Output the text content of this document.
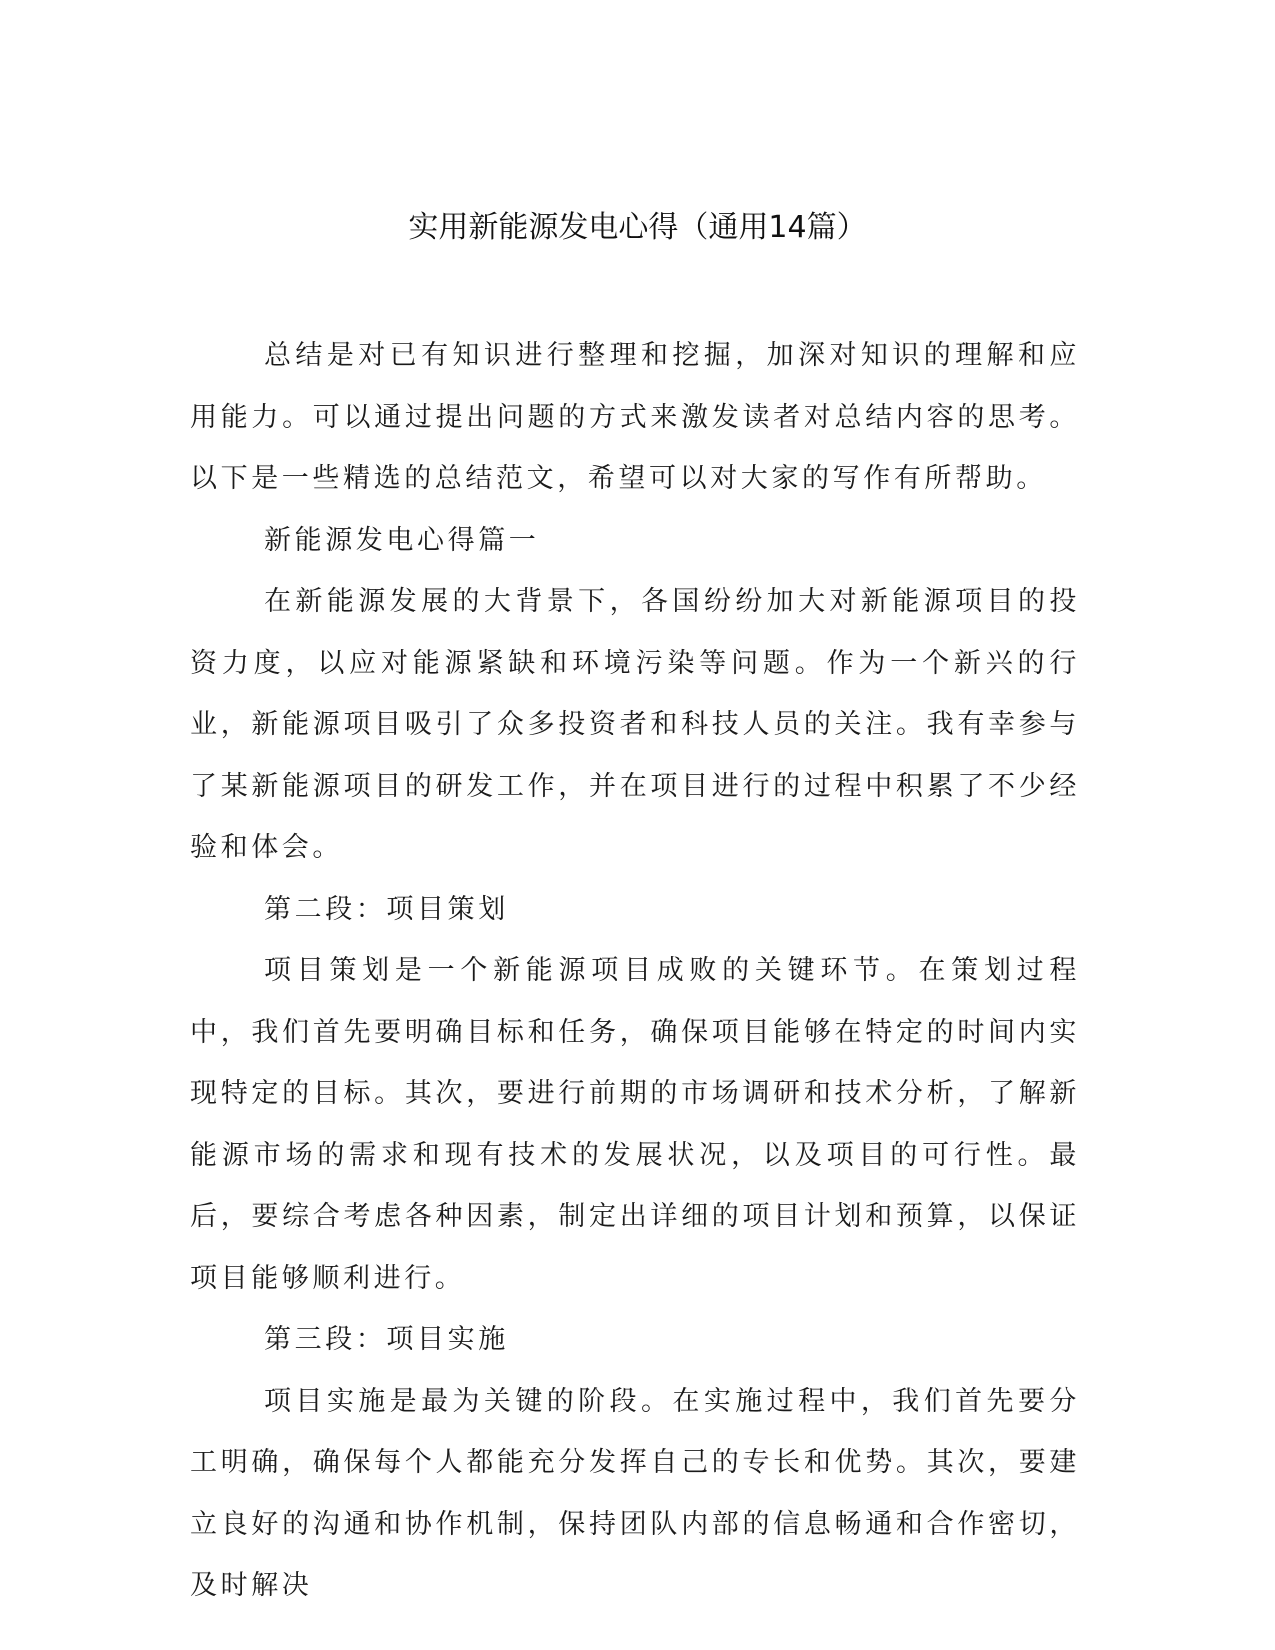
实用新能源发电心得（通用14篇）

总结是对已有知识进行整理和挖掘，加深对知识的理解和应用能力。可以通过提出问题的方式来激发读者对总结内容的思考。以下是一些精选的总结范文，希望可以对大家的写作有所帮助。

新能源发电心得篇一

在新能源发展的大背景下，各国纷纷加大对新能源项目的投资力度，以应对能源紧缺和环境污染等问题。作为一个新兴的行业，新能源项目吸引了众多投资者和科技人员的关注。我有幸参与了某新能源项目的研发工作，并在项目进行的过程中积累了不少经验和体会。

第二段：项目策划

项目策划是一个新能源项目成败的关键环节。在策划过程中，我们首先要明确目标和任务，确保项目能够在特定的时间内实现特定的目标。其次，要进行前期的市场调研和技术分析，了解新能源市场的需求和现有技术的发展状况，以及项目的可行性。最后，要综合考虑各种因素，制定出详细的项目计划和预算，以保证项目能够顺利进行。

第三段：项目实施

项目实施是最为关键的阶段。在实施过程中，我们首先要分工明确，确保每个人都能充分发挥自己的专长和优势。其次，要建立良好的沟通和协作机制，保持团队内部的信息畅通和合作密切，及时解决
